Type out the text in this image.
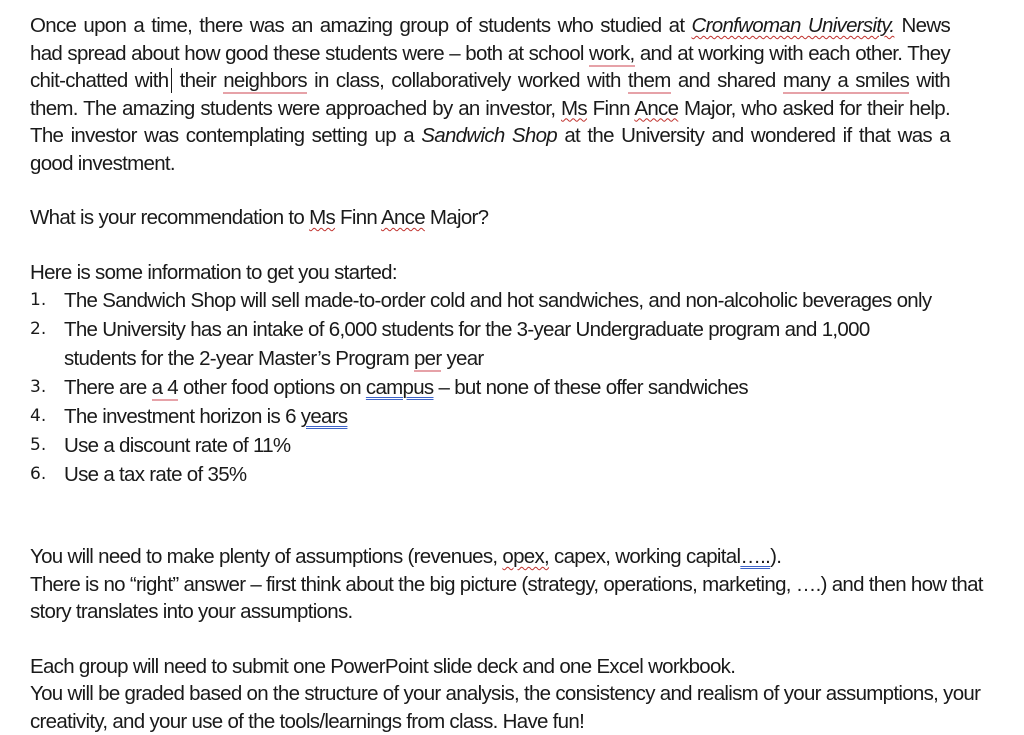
Once upon a time, there was an amazing group of students who studied at Cronfwoman University. News had spread about how good these students were – both at school work, and at working with each other. They chit-chatted with their neighbors in class, collaboratively worked with them and shared many a smiles with them. The amazing students were approached by an investor, Ms Finn Ance Major, who asked for their help. The investor was contemplating setting up a Sandwich Shop at the University and wondered if that was a good investment.

What is your recommendation to Ms Finn Ance Major?

Here is some information to get you started:

1. The Sandwich Shop will sell made-to-order cold and hot sandwiches, and non-alcoholic beverages only
2. The University has an intake of 6,000 students for the 3-year Undergraduate program and 1,000 students for the 2-year Master’s Program per year
3. There are a 4 other food options on campus – but none of these offer sandwiches
4. The investment horizon is 6 years
5. Use a discount rate of 11%
6. Use a tax rate of 35%

You will need to make plenty of assumptions (revenues, opex, capex, working capital…..).

There is no “right” answer – first think about the big picture (strategy, operations, marketing, ….) and then how that story translates into your assumptions.

Each group will need to submit one PowerPoint slide deck and one Excel workbook.

You will be graded based on the structure of your analysis, the consistency and realism of your assumptions, your creativity, and your use of the tools/learnings from class. Have fun!
